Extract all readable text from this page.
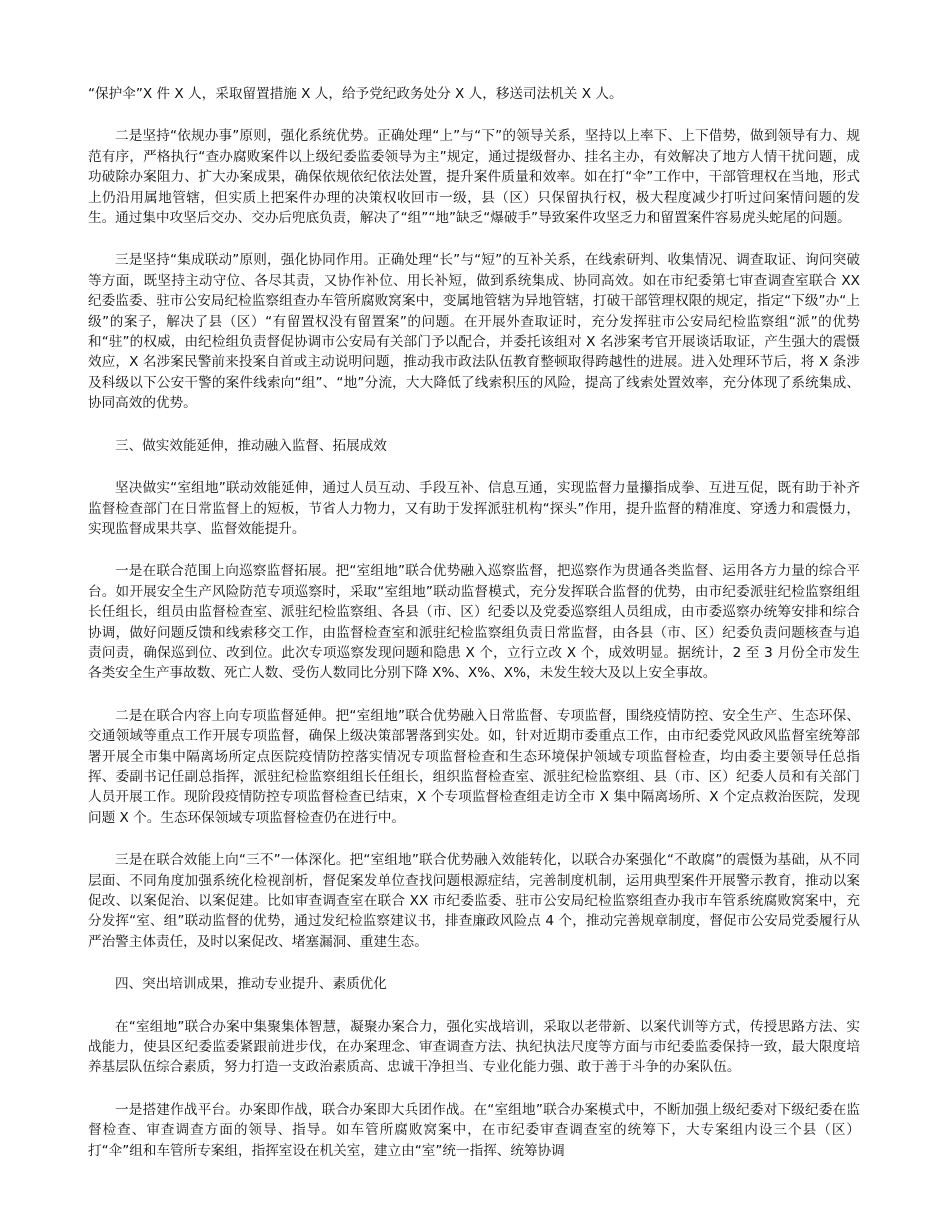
“保护伞”X 件 X 人，采取留置措施 X 人，给予党纪政务处分 X 人，移送司法机关 X 人。

二是坚持“依规办事”原则，强化系统优势。正确处理“上”与“下”的领导关系，坚持以上率下、上下借势，做到领导有力、规范有序，严格执行“查办腐败案件以上级纪委监委领导为主”规定，通过提级督办、挂名主办，有效解决了地方人情干扰问题，成功破除办案阻力、扩大办案成果，确保依规依纪依法处置，提升案件质量和效率。如在打“伞”工作中，干部管理权在当地，形式上仍沿用属地管辖，但实质上把案件办理的决策权收回市一级，县（区）只保留执行权，极大程度减少打听过问案情问题的发生。通过集中攻坚后交办、交办后兜底负责，解决了“组”“地”缺乏“爆破手”导致案件攻坚乏力和留置案件容易虎头蛇尾的问题。

三是坚持“集成联动”原则，强化协同作用。正确处理“长”与“短”的互补关系，在线索研判、收集情况、调查取证、询问突破等方面，既坚持主动守位、各尽其责，又协作补位、用长补短，做到系统集成、协同高效。如在市纪委第七审查调查室联合 XX 纪委监委、驻市公安局纪检监察组查办车管所腐败窝案中，变属地管辖为异地管辖，打破干部管理权限的规定，指定“下级”办“上级”的案子，解决了县（区）“有留置权没有留置案”的问题。在开展外查取证时，充分发挥驻市公安局纪检监察组“派”的优势和“驻”的权威，由纪检组负责督促协调市公安局有关部门予以配合，并委托该组对 X 名涉案考官开展谈话取证，产生强大的震慑效应，X 名涉案民警前来投案自首或主动说明问题，推动我市政法队伍教育整顿取得跨越性的进展。进入处理环节后，将 X 条涉及科级以下公安干警的案件线索向“组”、“地”分流，大大降低了线索积压的风险，提高了线索处置效率，充分体现了系统集成、协同高效的优势。

三、做实效能延伸，推动融入监督、拓展成效

坚决做实“室组地”联动效能延伸，通过人员互动、手段互补、信息互通，实现监督力量攥指成拳、互进互促，既有助于补齐监督检查部门在日常监督上的短板，节省人力物力，又有助于发挥派驻机构“探头”作用，提升监督的精准度、穿透力和震慑力，实现监督成果共享、监督效能提升。

一是在联合范围上向巡察监督拓展。把“室组地”联合优势融入巡察监督，把巡察作为贯通各类监督、运用各方力量的综合平台。如开展安全生产风险防范专项巡察时，采取“室组地”联动监督模式，充分发挥联合监督的优势，由市纪委派驻纪检监察组组长任组长，组员由监督检查室、派驻纪检监察组、各县（市、区）纪委以及党委巡察组人员组成，由市委巡察办统筹安排和综合协调，做好问题反馈和线索移交工作，由监督检查室和派驻纪检监察组负责日常监督，由各县（市、区）纪委负责问题核查与追责问责，确保巡到位、改到位。此次专项巡察发现问题和隐患 X 个，立行立改 X 个，成效明显。据统计，2 至 3 月份全市发生各类安全生产事故数、死亡人数、受伤人数同比分别下降 X%、X%、X%，未发生较大及以上安全事故。

二是在联合内容上向专项监督延伸。把“室组地”联合优势融入日常监督、专项监督，围绕疫情防控、安全生产、生态环保、交通领域等重点工作开展专项监督，确保上级决策部署落到实处。如，针对近期市委重点工作，由市纪委党风政风监督室统筹部署开展全市集中隔离场所定点医院疫情防控落实情况专项监督检查和生态环境保护领域专项监督检查，均由委主要领导任总指挥、委副书记任副总指挥，派驻纪检监察组组长任组长，组织监督检查室、派驻纪检监察组、县（市、区）纪委人员和有关部门人员开展工作。现阶段疫情防控专项监督检查已结束，X 个专项监督检查组走访全市 X 集中隔离场所、X 个定点救治医院，发现问题 X 个。生态环保领域专项监督检查仍在进行中。

三是在联合效能上向“三不”一体深化。把“室组地”联合优势融入效能转化，以联合办案强化“不敢腐”的震慑为基础，从不同层面、不同角度加强系统化检视剖析，督促案发单位查找问题根源症结，完善制度机制，运用典型案件开展警示教育，推动以案促改、以案促治、以案促建。比如审查调查室在联合 XX 市纪委监委、驻市公安局纪检监察组查办我市车管系统腐败窝案中，充分发挥“室、组”联动监督的优势，通过发纪检监察建议书，排查廉政风险点 4 个，推动完善规章制度，督促市公安局党委履行从严治警主体责任，及时以案促改、堵塞漏洞、重建生态。

四、突出培训成果，推动专业提升、素质优化

在“室组地”联合办案中集聚集体智慧，凝聚办案合力，强化实战培训，采取以老带新、以案代训等方式，传授思路方法、实战能力，使县区纪委监委紧跟前进步伐，在办案理念、审查调查方法、执纪执法尺度等方面与市纪委监委保持一致，最大限度培养基层队伍综合素质，努力打造一支政治素质高、忠诚干净担当、专业化能力强、敢于善于斗争的办案队伍。

一是搭建作战平台。办案即作战，联合办案即大兵团作战。在“室组地”联合办案模式中，不断加强上级纪委对下级纪委在监督检查、审查调查方面的领导、指导。如车管所腐败窝案中，在市纪委审查调查室的统筹下，大专案组内设三个县（区）打“伞”组和车管所专案组，指挥室设在机关室，建立由“室”统一指挥、统筹协调
